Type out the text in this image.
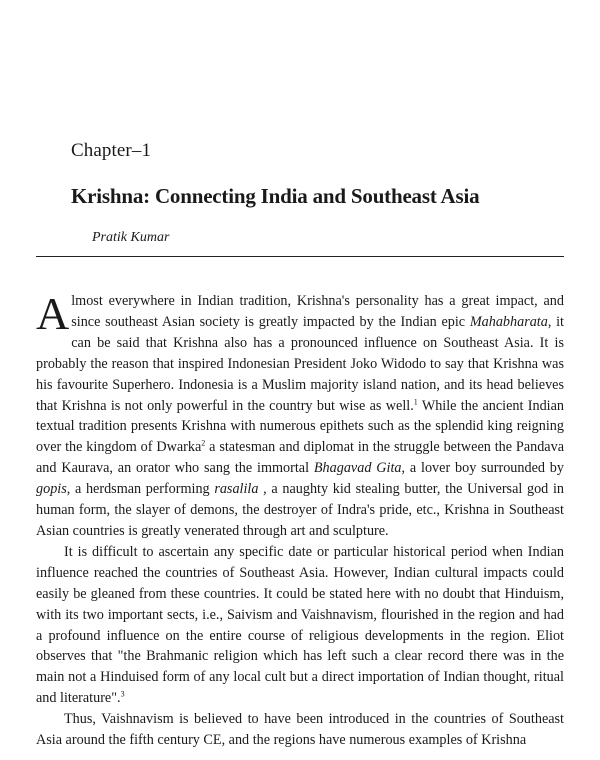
Chapter–1
Krishna: Connecting India and Southeast Asia
Pratik Kumar

Almost everywhere in Indian tradition, Krishna's personality has a great impact, and since southeast Asian society is greatly impacted by the Indian epic Mahabharata, it can be said that Krishna also has a pronounced influence on Southeast Asia. It is probably the reason that inspired Indonesian President Joko Widodo to say that Krishna was his favourite Superhero. Indonesia is a Muslim majority island nation, and its head believes that Krishna is not only powerful in the country but wise as well.$^1$ While the ancient Indian textual tradition presents Krishna with numerous epithets such as the splendid king reigning over the kingdom of Dwarka$^2$ a statesman and diplomat in the struggle between the Pandava and Kaurava, an orator who sang the immortal Bhagavad Gita, a lover boy surrounded by gopis, a herdsman performing rasalila , a naughty kid stealing butter, the Universal god in human form, the slayer of demons, the destroyer of Indra's pride, etc., Krishna in Southeast Asian countries is greatly venerated through art and sculpture.

It is difficult to ascertain any specific date or particular historical period when Indian influence reached the countries of Southeast Asia. However, Indian cultural impacts could easily be gleaned from these countries. It could be stated here with no doubt that Hinduism, with its two important sects, i.e., Saivism and Vaishnavism, flourished in the region and had a profound influence on the entire course of religious developments in the region. Eliot observes that "the Brahmanic religion which has left such a clear record there was in the main not a Hinduised form of any local cult but a direct importation of Indian thought, ritual and literature".$^3$

Thus, Vaishnavism is believed to have been introduced in the countries of Southeast Asia around the fifth century CE, and the regions have numerous examples of Krishna
